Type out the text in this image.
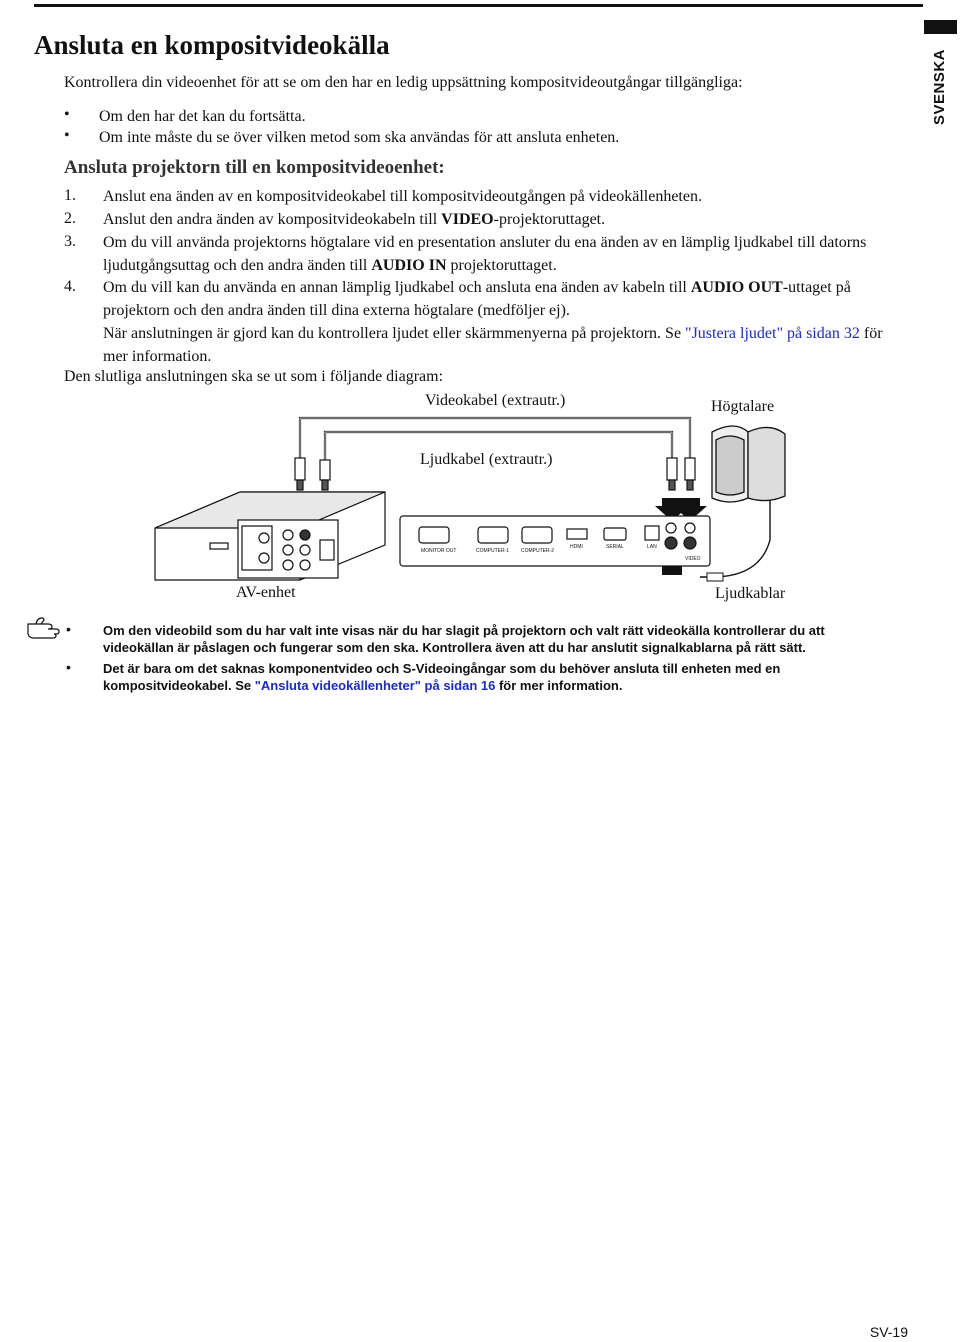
SVENSKA
Ansluta en kompositvideokälla

Kontrollera din videoenhet för att se om den har en ledig uppsättning kompositvideoutgångar tillgängliga:

• Om den har det kan du fortsätta.

• Om inte måste du se över vilken metod som ska användas för att ansluta enheten.

Ansluta projektorn till en kompositvideoenhet:
1. Anslut ena änden av en kompositvideokabel till kompositvideoutgången på videokällenheten.

2. Anslut den andra änden av kompositvideokabeln till VIDEO-projektoruttaget.

3. Om du vill använda projektorns högtalare vid en presentation ansluter du ena änden av en lämplig ljudkabel till datorns ljudutgångsuttag och den andra änden till AUDIO IN projektoruttaget.

4. Om du vill kan du använda en annan lämplig ljudkabel och ansluta ena änden av kabeln till AUDIO OUT-uttaget på projektorn och den andra änden till dina externa högtalare (medföljer ej).

När anslutningen är gjord kan du kontrollera ljudet eller skärmmenyerna på projektorn. Se "Justera ljudet" på sidan 32 för mer information.

Den slutliga anslutningen ska se ut som i följande diagram:

MONITOR OUT	COMPUTER-1 COMPUTER-2
HDMI	SERIAL	LAN
VIDEO
Videokabel (extrautr.)	Högtalare
Ljudkabel (extrautr.)
AV-enhet	Ljudkablar
• Om den videobild som du har valt inte visas när du har slagit på projektorn och valt rätt videokälla kontrollerar du att videokällan är påslagen och fungerar som den ska. Kontrollera även att du har anslutit signalkablarna på rätt sätt.

• Det är bara om det saknas komponentvideo och S-Videoingångar som du behöver ansluta till enheten med en kompositvideokabel. Se "Ansluta videokällenheter" på sidan 16 för mer information.

SV-19
